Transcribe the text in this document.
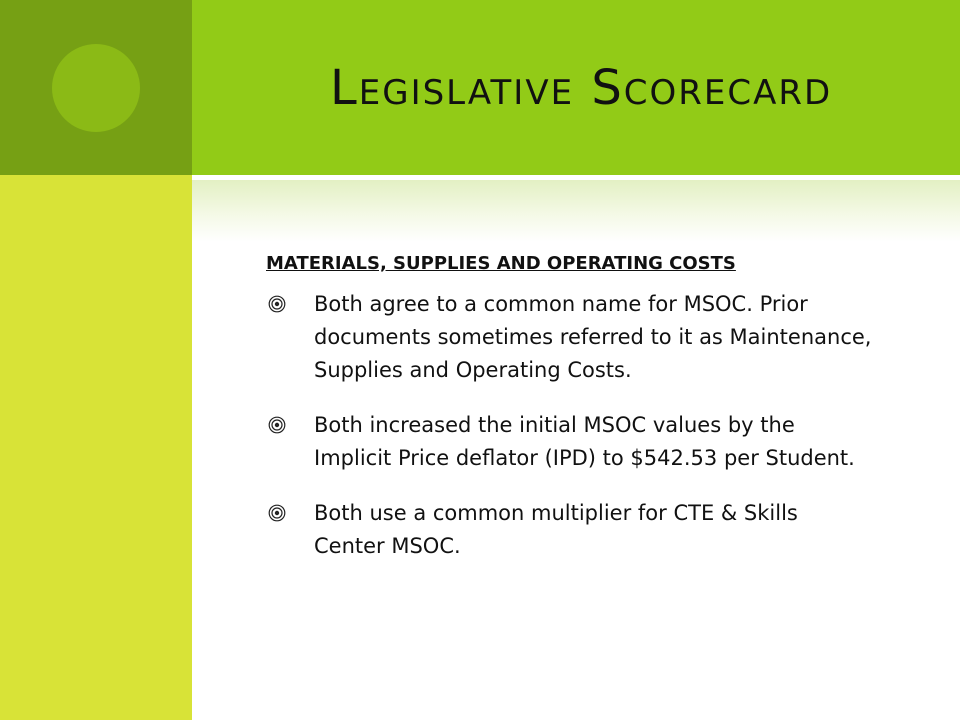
Legislative Scorecard

MATERIALS, SUPPLIES AND OPERATING COSTS

Both agree to a common name for MSOC. Prior documents sometimes referred to it as Maintenance, Supplies and Operating Costs.
Both increased the initial MSOC values by the Implicit Price deflator (IPD) to $542.53 per Student.
Both use a common multiplier for CTE & Skills Center MSOC.
